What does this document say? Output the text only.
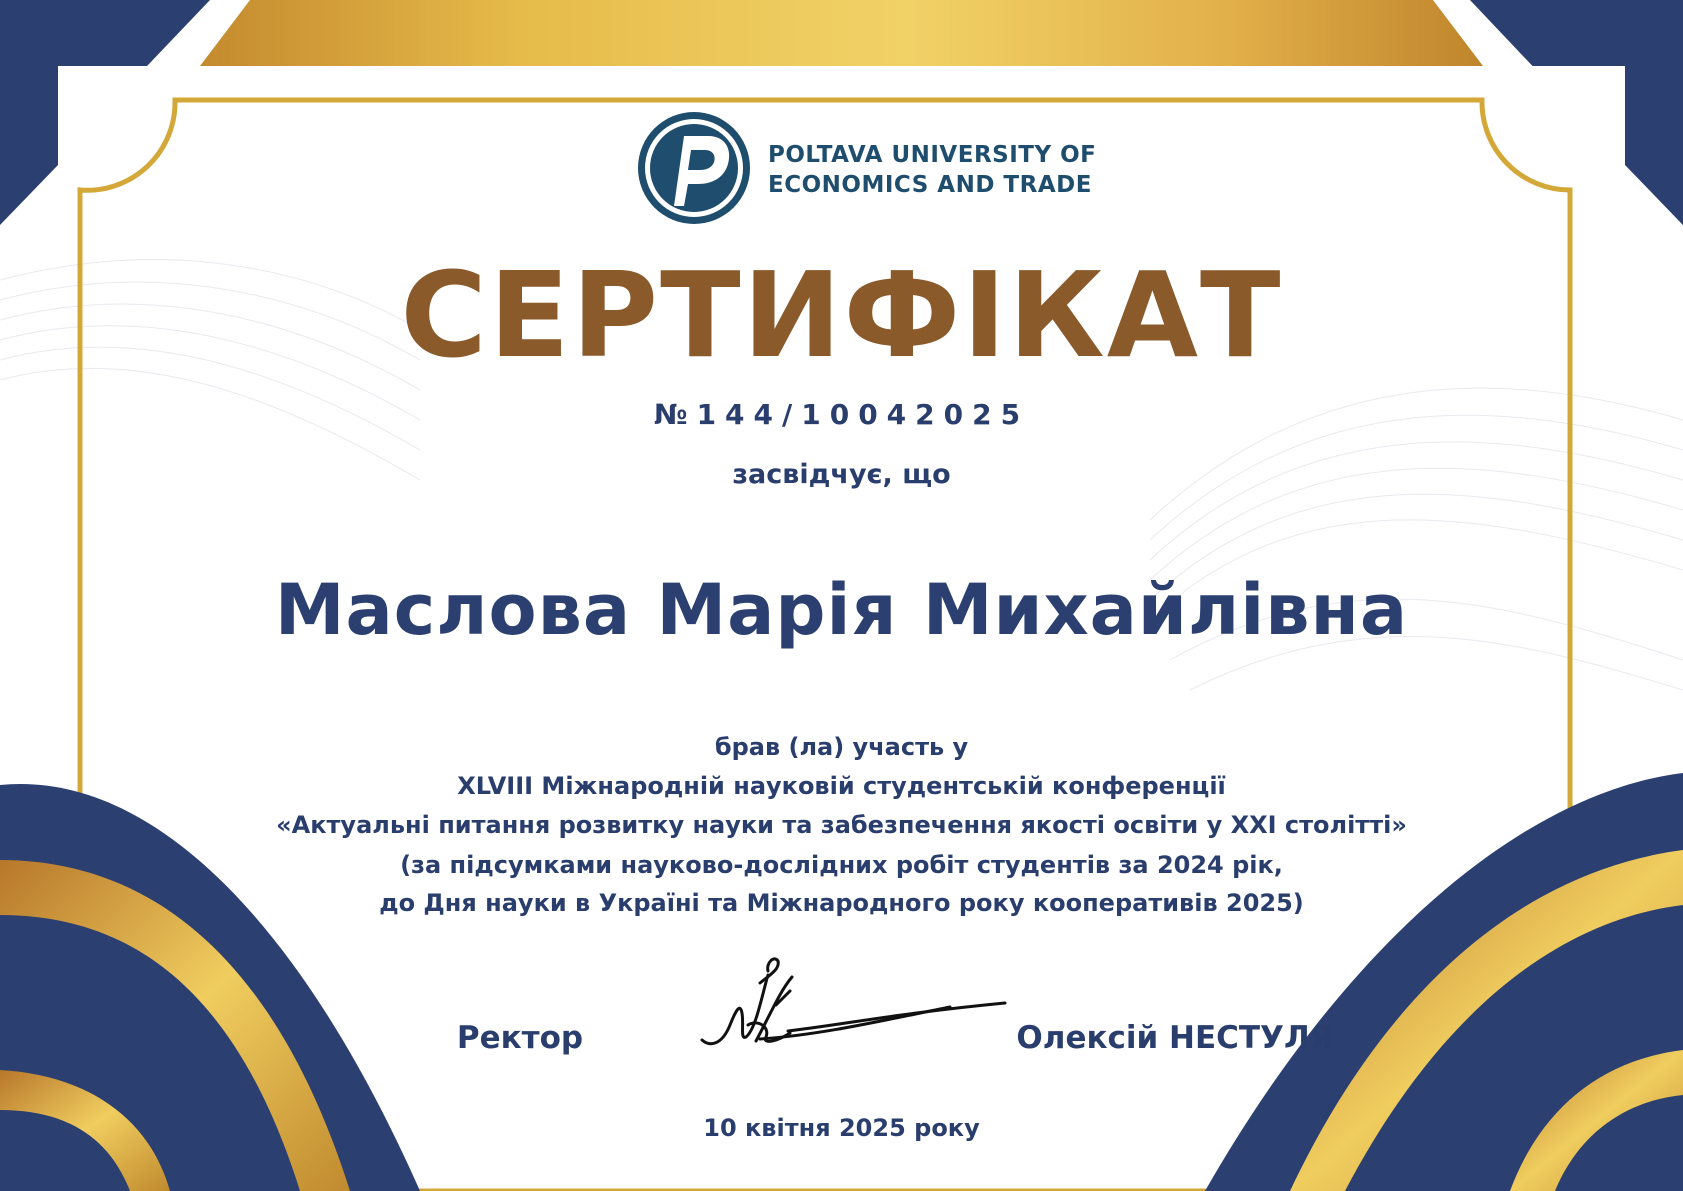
POLTAVA UNIVERSITY OF
ECONOMICS AND TRADE
СЕРТИФІКАТ
№144/10042025
засвідчує, що
Маслова Марія Михайлівна
брав (ла) участь у
XLVIII Міжнародній науковій студентській конференції
«Актуальні питання розвитку науки та забезпечення якості освіти у XXI столітті»
(за підсумками науково-дослідних робіт студентів за 2024 рік,
до Дня науки в Україні та Міжнародного року кооперативів 2025)
Ректор	Олексій НЕСТУЛЯ
10 квітня 2025 року
